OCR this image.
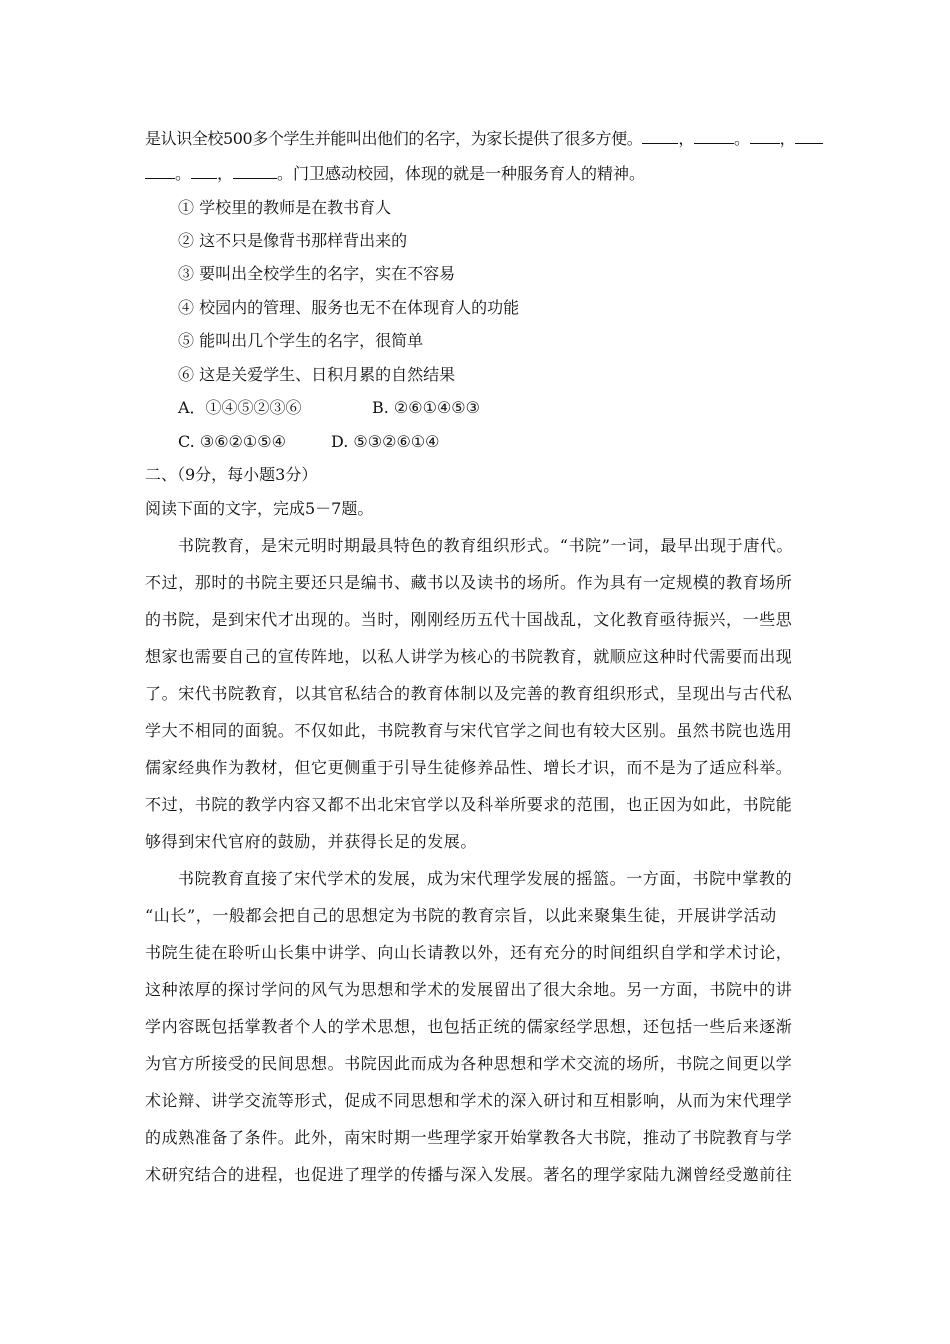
是认识全校500多个学生并能叫出他们的名字，为家长提供了很多方便。 ，	。 ，
。 ，	。门卫感动校园，体现的就是一种服务育人的精神。
① 学校里的教师是在教书育人
② 这不只是像背书那样背出来的
③ 要叫出全校学生的名字，实在不容易
④ 校园内的管理、服务也无不在体现育人的功能
⑤ 能叫出几个学生的名字，很简单
⑥ 这是关爱学生、日积月累的自然结果
A．①④⑤②③⑥	B. ②⑥①④⑤③
C. ③⑥②①⑤④	D. ⑤③②⑥①④
二、（9分，每小题3分）
阅读下面的文字，完成5－7题。
书院教育，是宋元明时期最具特色的教育组织形式。“书院”一词，最早出现于唐代。
不过，那时的书院主要还只是编书、藏书以及读书的场所。作为具有一定规模的教育场所
的书院，是到宋代才出现的。当时，刚刚经历五代十国战乱，文化教育亟待振兴，一些思
想家也需要自己的宣传阵地，以私人讲学为核心的书院教育，就顺应这种时代需要而出现
了。宋代书院教育，以其官私结合的教育体制以及完善的教育组织形式，呈现出与古代私
学大不相同的面貌。不仅如此，书院教育与宋代官学之间也有较大区别。虽然书院也选用
儒家经典作为教材，但它更侧重于引导生徒修养品性、增长才识，而不是为了适应科举。
不过，书院的教学内容又都不出北宋官学以及科举所要求的范围，也正因为如此，书院能
够得到宋代官府的鼓励，并获得长足的发展。
书院教育直接了宋代学术的发展，成为宋代理学发展的摇篮。一方面，书院中掌教的
“山长”，一般都会把自己的思想定为书院的教育宗旨，以此来聚集生徒，开展讲学活动
书院生徒在聆听山长集中讲学、向山长请教以外，还有充分的时间组织自学和学术讨论，
这种浓厚的探讨学问的风气为思想和学术的发展留出了很大余地。另一方面，书院中的讲
学内容既包括掌教者个人的学术思想，也包括正统的儒家经学思想，还包括一些后来逐渐
为官方所接受的民间思想。书院因此而成为各种思想和学术交流的场所，书院之间更以学
术论辩、讲学交流等形式，促成不同思想和学术的深入研讨和互相影响，从而为宋代理学
的成熟准备了条件。此外，南宋时期一些理学家开始掌教各大书院，推动了书院教育与学
术研究结合的进程，也促进了理学的传播与深入发展。著名的理学家陆九渊曾经受邀前往
